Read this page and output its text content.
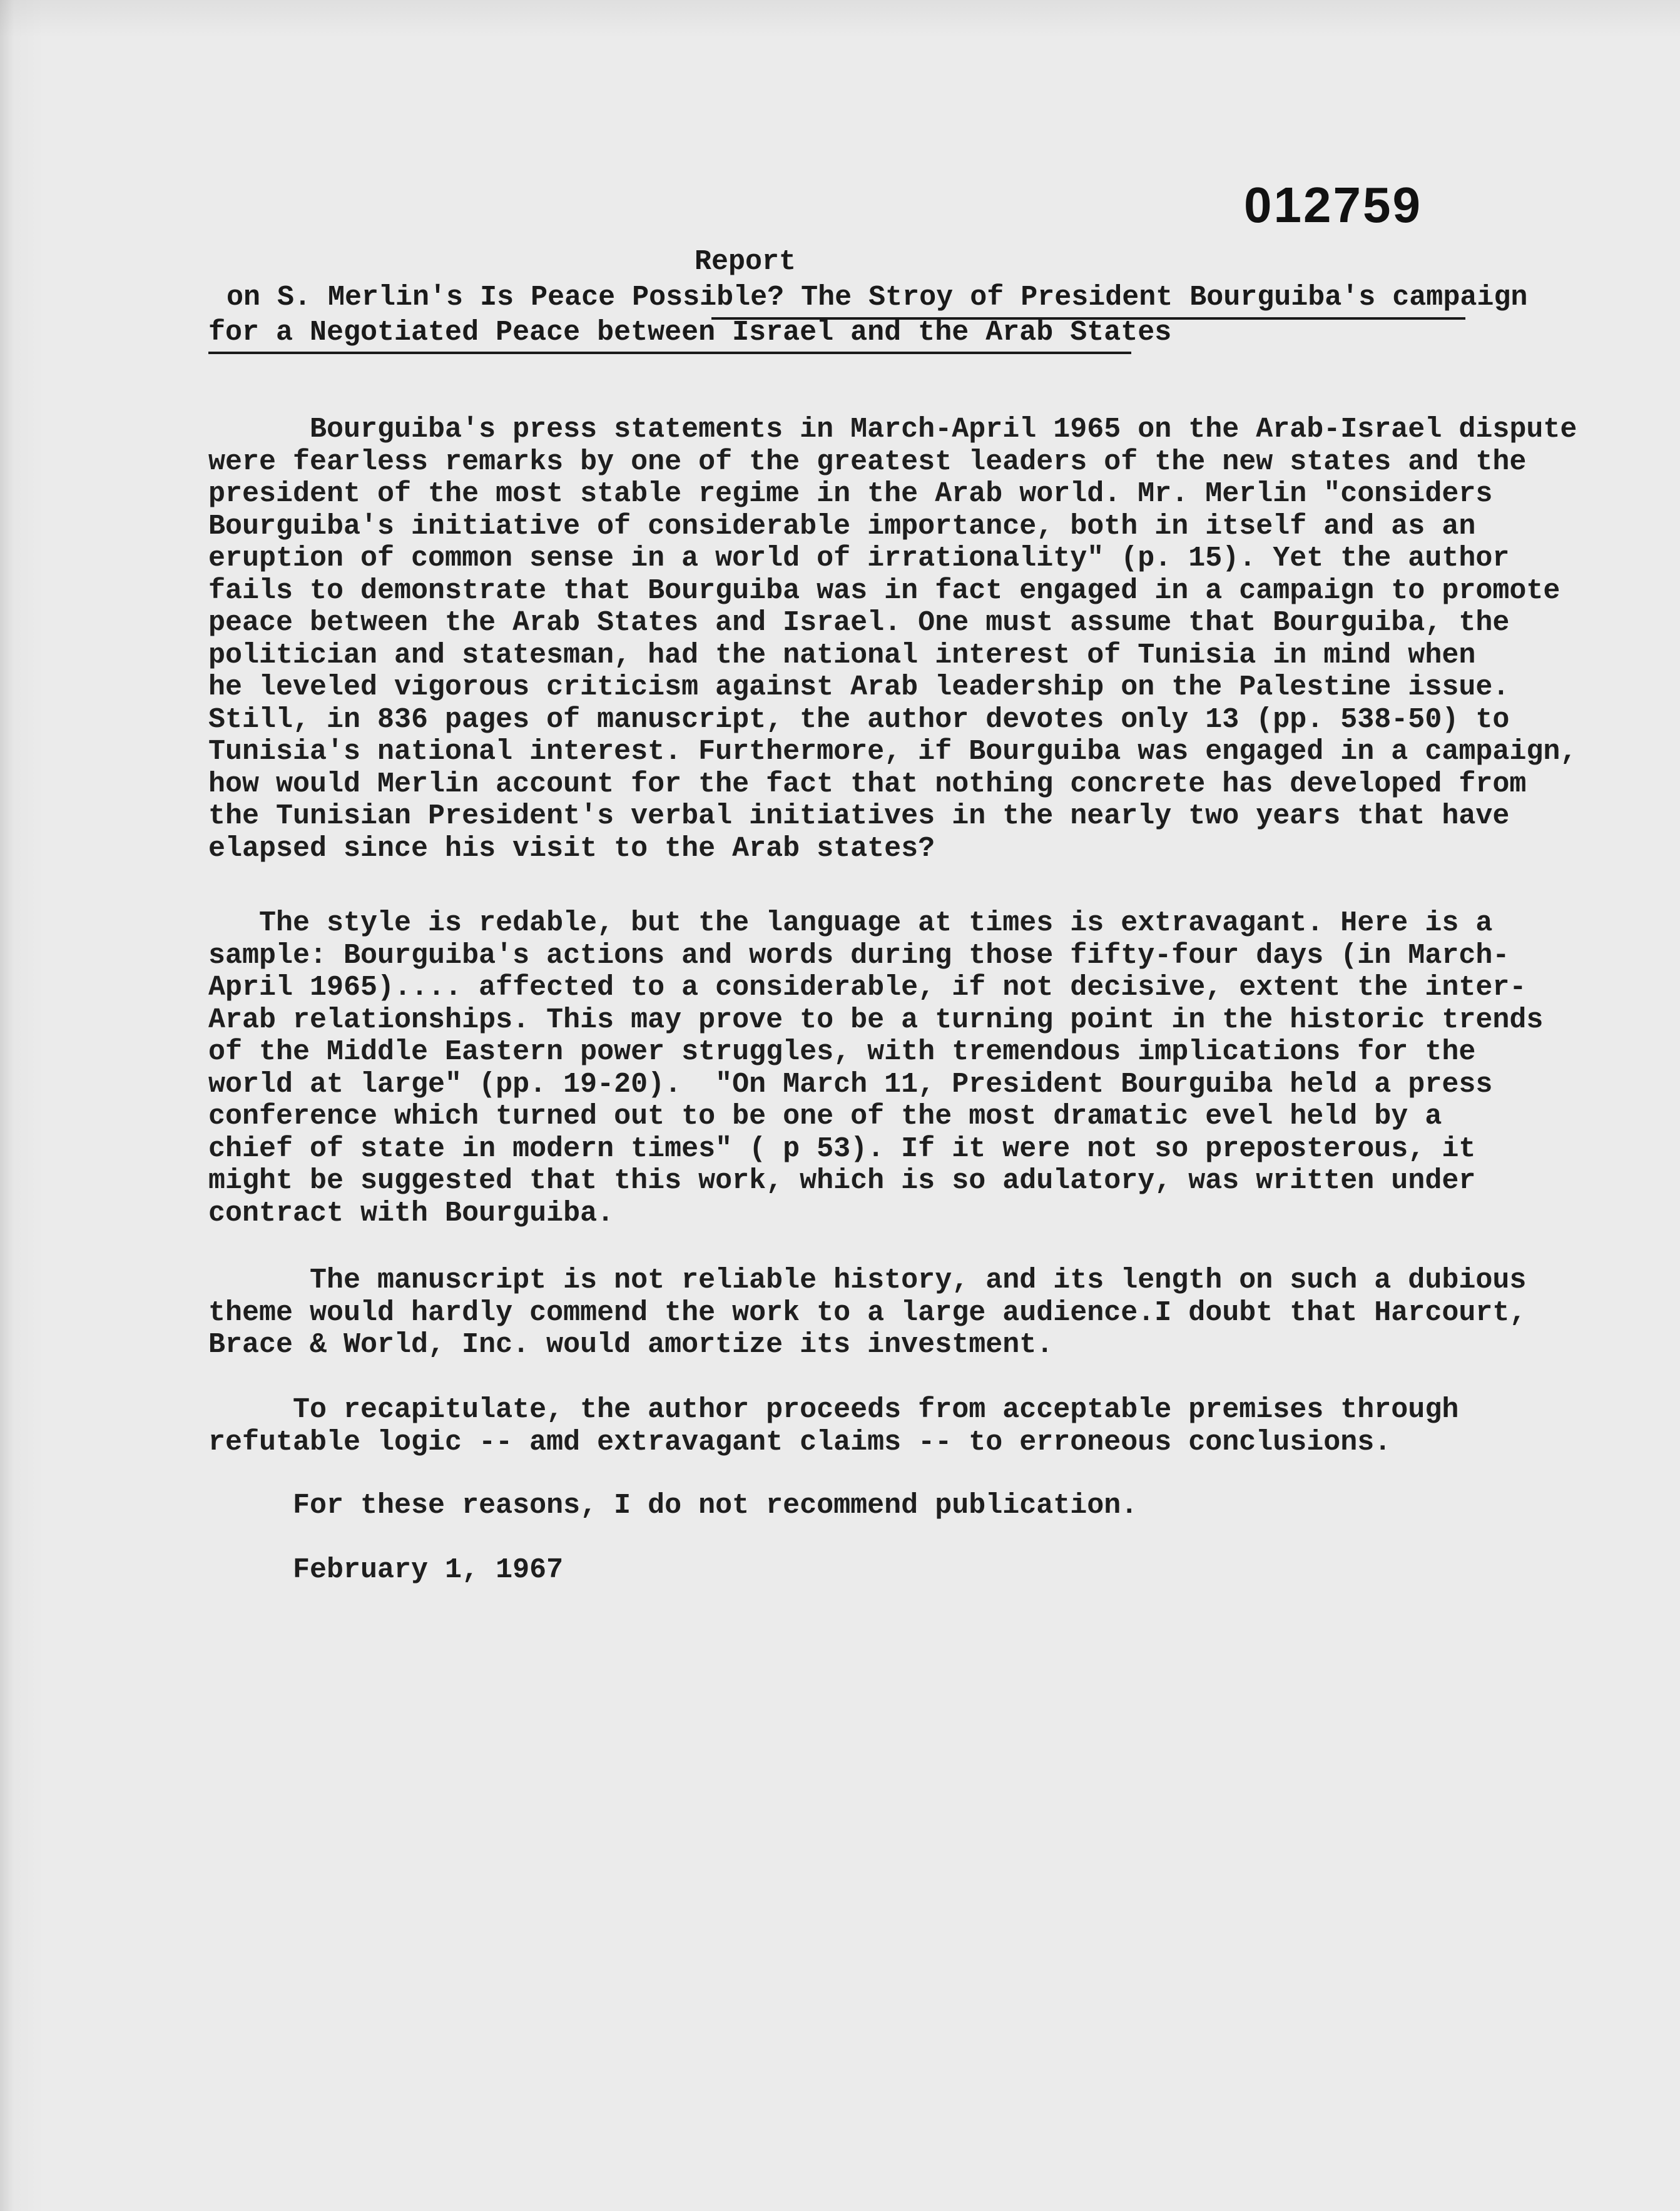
012759
Report
on S. Merlin's Is Peace Possible? The Stroy of President Bourguiba's campaign
for a Negotiated Peace between Israel and the Arab States
Bourguiba's press statements in March-April 1965 on the Arab-Israel dispute
were fearless remarks by one of the greatest leaders of the new states and the
president of the most stable regime in the Arab world. Mr. Merlin "considers
Bourguiba's initiative of considerable importance, both in itself and as an
eruption of common sense in a world of irrationality" (p. 15). Yet the author
fails to demonstrate that Bourguiba was in fact engaged in a campaign to promote
peace between the Arab States and Israel. One must assume that Bourguiba, the
politician and statesman, had the national interest of Tunisia in mind when
he leveled vigorous criticism against Arab leadership on the Palestine issue.
Still, in 836 pages of manuscript, the author devotes only 13 (pp. 538-50) to
Tunisia's national interest. Furthermore, if Bourguiba was engaged in a campaign,
how would Merlin account for the fact that nothing concrete has developed from
the Tunisian President's verbal initiatives in the nearly two years that have
elapsed since his visit to the Arab states?
The style is redable, but the language at times is extravagant. Here is a
sample: Bourguiba's actions and words during those fifty-four days (in March-
April 1965).... affected to a considerable, if not decisive, extent the inter-
Arab relationships. This may prove to be a turning point in the historic trends
of the Middle Eastern power struggles, with tremendous implications for the
world at large" (pp. 19-20).  "On March 11, President Bourguiba held a press
conference which turned out to be one of the most dramatic evel held by a
chief of state in modern times" ( p 53). If it were not so preposterous, it
might be suggested that this work, which is so adulatory, was written under
contract with Bourguiba.
The manuscript is not reliable history, and its length on such a dubious
theme would hardly commend the work to a large audience.I doubt that Harcourt,
Brace & World, Inc. would amortize its investment.
To recapitulate, the author proceeds from acceptable premises through
refutable logic -- amd extravagant claims -- to erroneous conclusions.
For these reasons, I do not recommend publication.
February 1, 1967
